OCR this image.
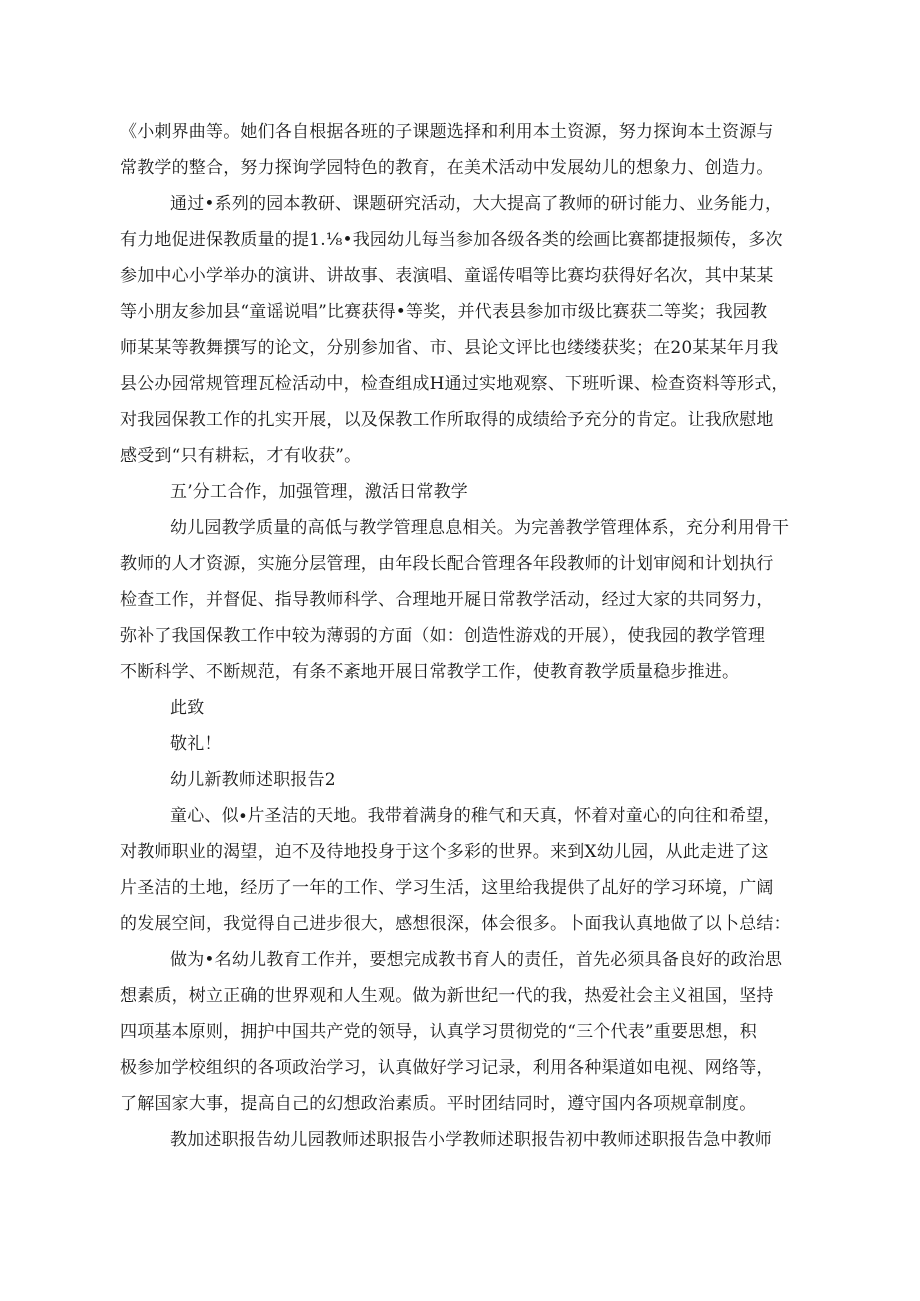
《小刺界曲等。她们各自根据各班的子课题选择和利用本土资源，努力探询本土资源与

常教学的整合，努力探询学园特色的教育，在美术活动中发展幼儿的想象力、创造力。

通过•系列的园本教研、课题研究活动，大大提高了教师的研讨能力、业务能力，

有力地促进保教质量的提1.⅛•我园幼儿每当参加各级各类的绘画比赛都捷报频传，多次

参加中心小学举办的演讲、讲故事、表演唱、童谣传唱等比赛均获得好名次，其中某某

等小朋友参加县“童谣说唱”比赛获得•等奖，并代表县参加市级比赛获二等奖；我园教

师某某等教舞撰写的论文，分别参加省、市、县论文评比也缕缕获奖；在20某某年月我

县公办园常规管理瓦检活动中，检查组成H通过实地观察、下班听课、检查资料等形式，

对我园保教工作的扎实开展，以及保教工作所取得的成绩给予充分的肯定。让我欣慰地

感受到“只有耕耘，才有收获”。

五’分工合作，加强管理，激活日常教学

幼儿园教学质量的高低与教学管理息息相关。为完善教学管理体系，充分利用骨干

教师的人才资源，实施分层管理，由年段长配合管理各年段教师的计划审阅和计划执行

检查工作，并督促、指导教师科学、合理地开屣日常教学活动，经过大家的共同努力，

弥补了我国保教工作中较为薄弱的方面（如：创造性游戏的开展），使我园的教学管理

不断科学、不断规范，有条不紊地开展日常教学工作，使教育教学质量稳步推进。

此致

敬礼！

幼儿新教师述职报告2

童心、似∙片圣洁的天地。我带着满身的稚气和天真，怀着对童心的向往和希望，

对教师职业的渴望，迫不及待地投身于这个多彩的世界。来到X幼儿园，从此走进了这

片圣洁的土地，经历了一年的工作、学习生活，这里给我提供了乩好的学习环境，广阔

的发展空间，我觉得自己进步很大，感想很深，体会很多。卜面我认真地做了以卜总结：

做为•名幼儿教育工作并，要想完成教书育人的责任，首先必须具备良好的政治思

想素质，树立正确的世界观和人生观。做为新世纪一代的我，热爱社会主义祖国，坚持

四项基本原则，拥护中国共产党的领导，认真学习贯彻党的“三个代表”重要思想，积

极参加学校组织的各项政治学习，认真做好学习记录，利用各种渠道如电视、网络等，

了解国家大事，提高自己的幻想政治素质。平时团结同时，遵守国内各项规章制度。

教加述职报告幼儿园教师述职报告小学教师述职报告初中教师述职报告急中教师
